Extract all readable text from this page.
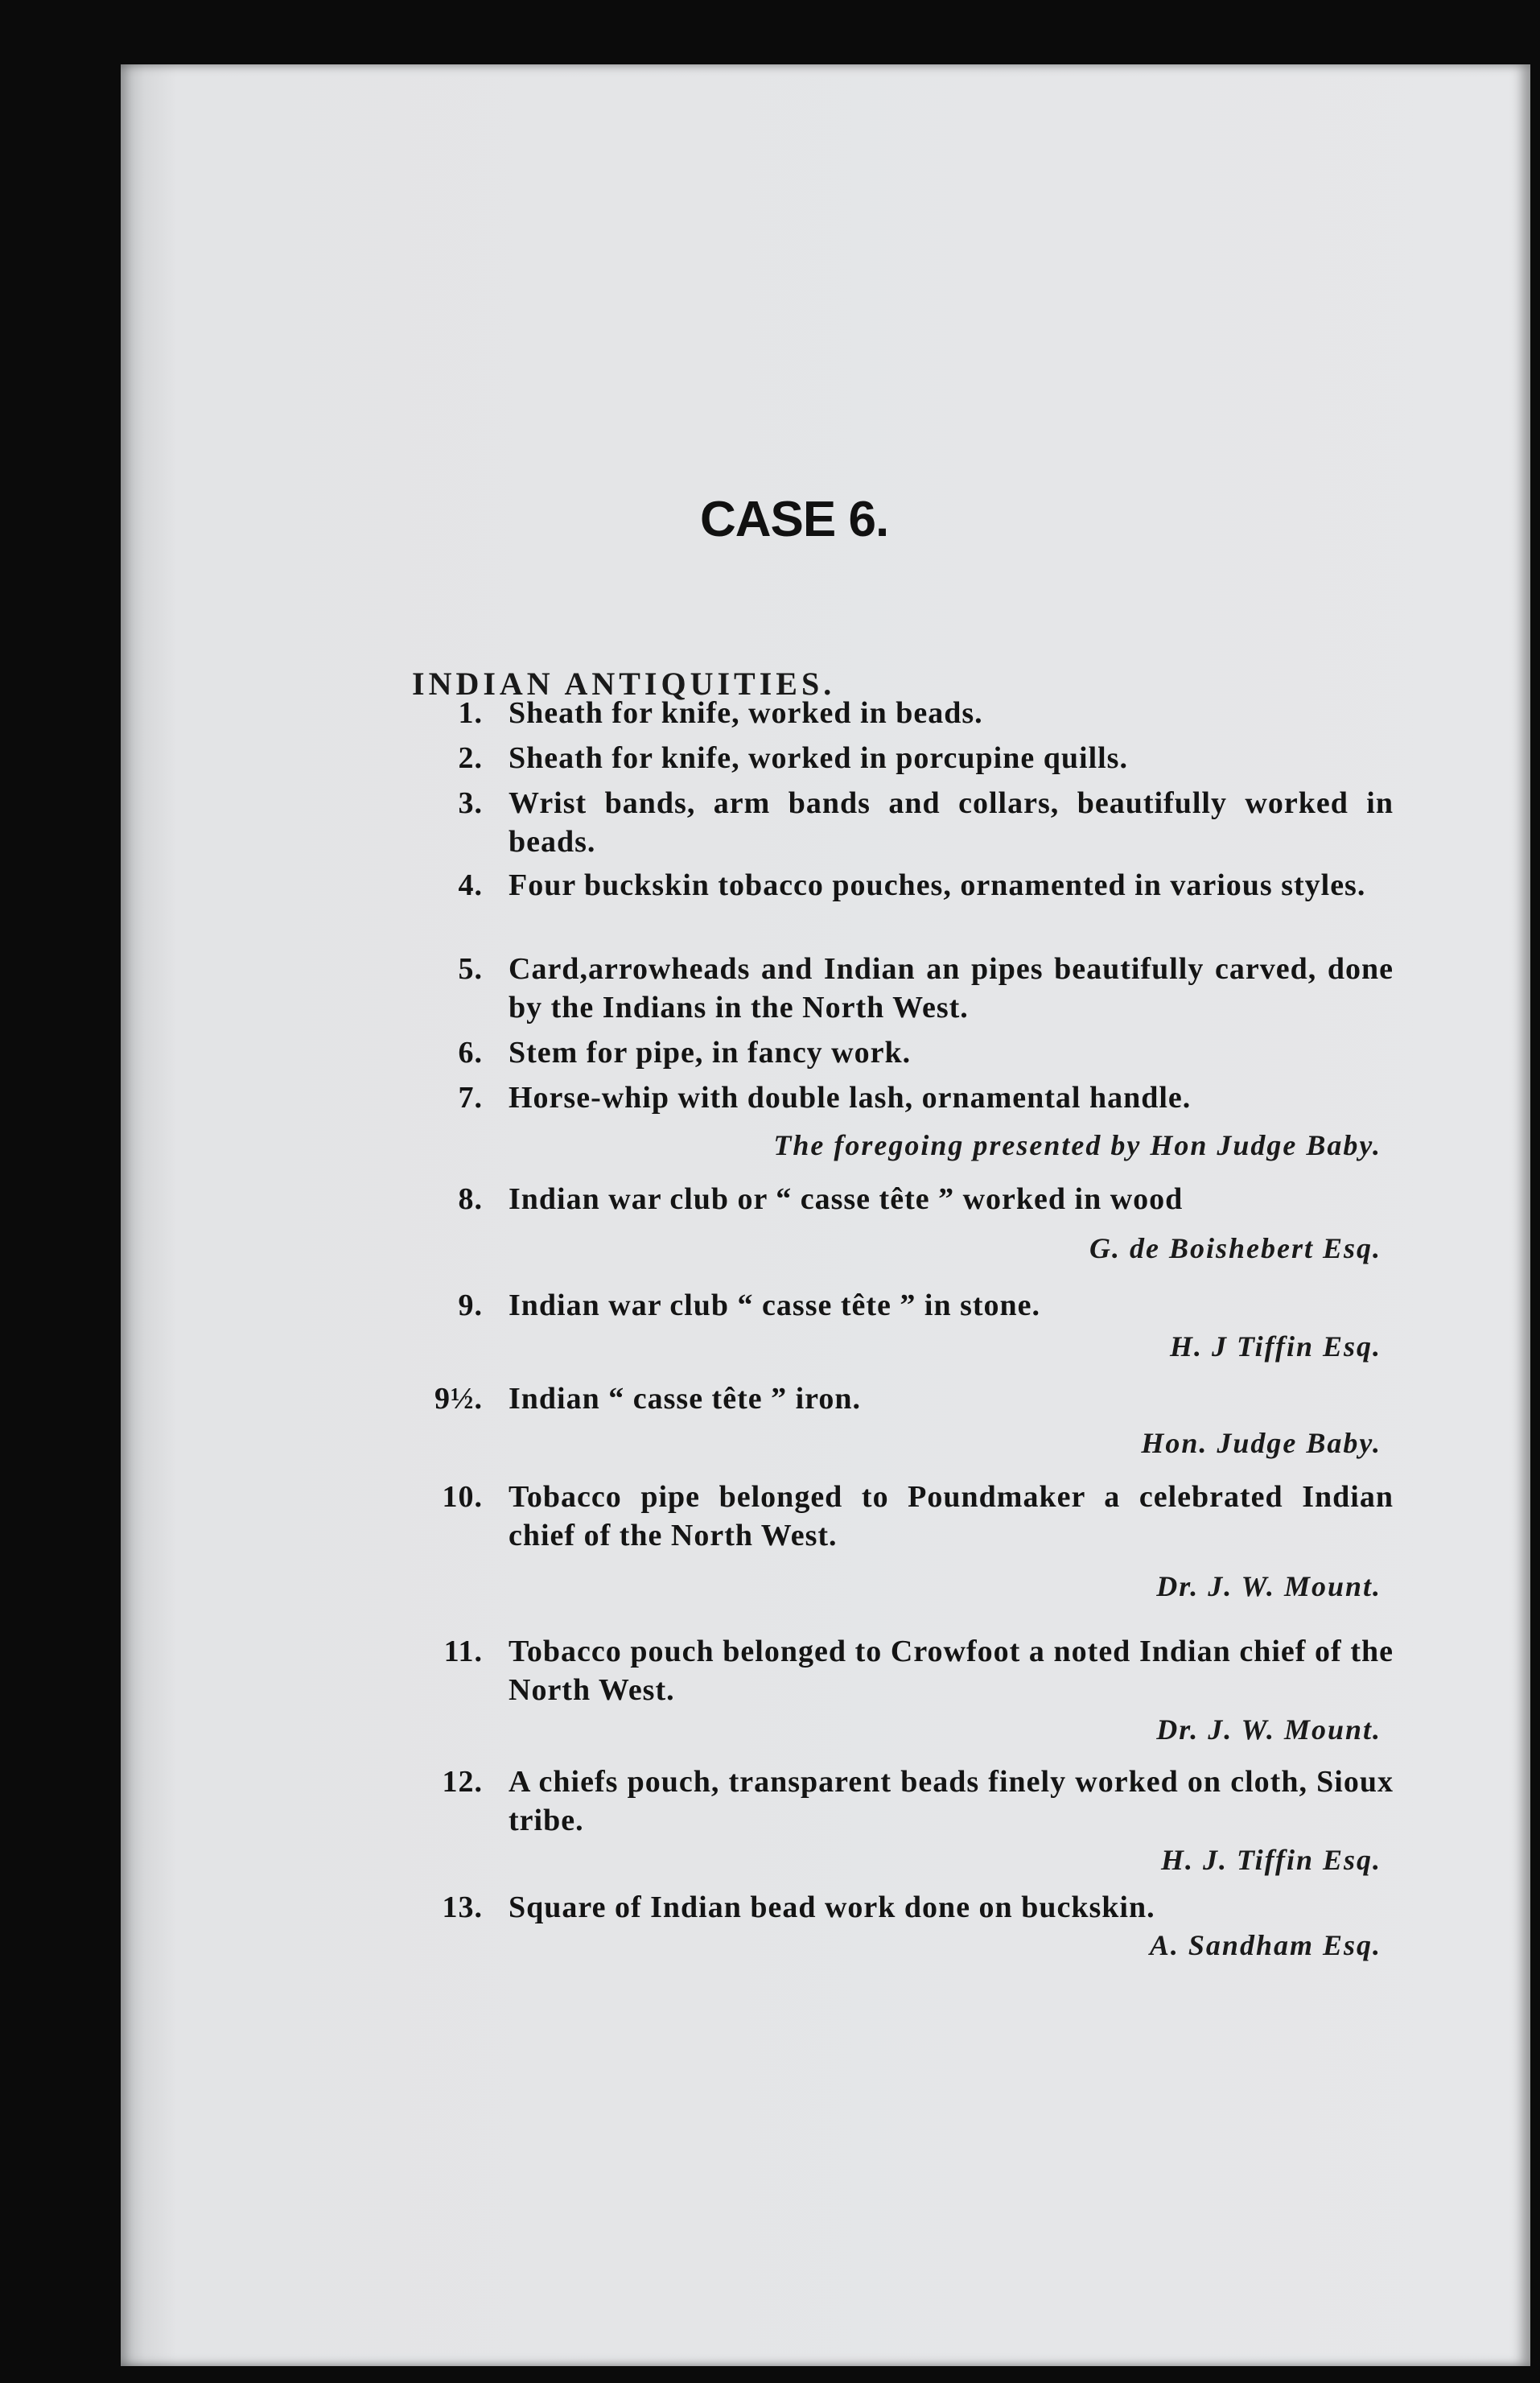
CASE 6.
INDIAN ANTIQUITIES.
1. Sheath for knife, worked in beads.
2. Sheath for knife, worked in porcupine quills.
3. Wrist bands, arm bands and collars, beautifully worked in beads.
4. Four buckskin tobacco pouches, ornamented in various styles.
5. Card,arrowheads and Indian an pipes beautifully carved, done by the Indians in the North West.
6. Stem for pipe, in fancy work.
7. Horse-whip with double lash, ornamental handle.
The foregoing presented by Hon Judge Baby.
8. Indian war club or “ casse tête ” worked in wood
G. de Boishebert Esq.
9. Indian war club “ casse tête ” in stone.
H. J Tiffin Esq.
9½. Indian “ casse tête ” iron.
Hon. Judge Baby.
10. Tobacco pipe belonged to Poundmaker a celebrated Indian chief of the North West.
Dr. J. W. Mount.
11. Tobacco pouch belonged to Crowfoot a noted Indian chief of the North West.
Dr. J. W. Mount.
12. A chiefs pouch, transparent beads finely worked on cloth, Sioux tribe.
H. J. Tiffin Esq.
13. Square of Indian bead work done on buckskin.
A. Sandham Esq.
